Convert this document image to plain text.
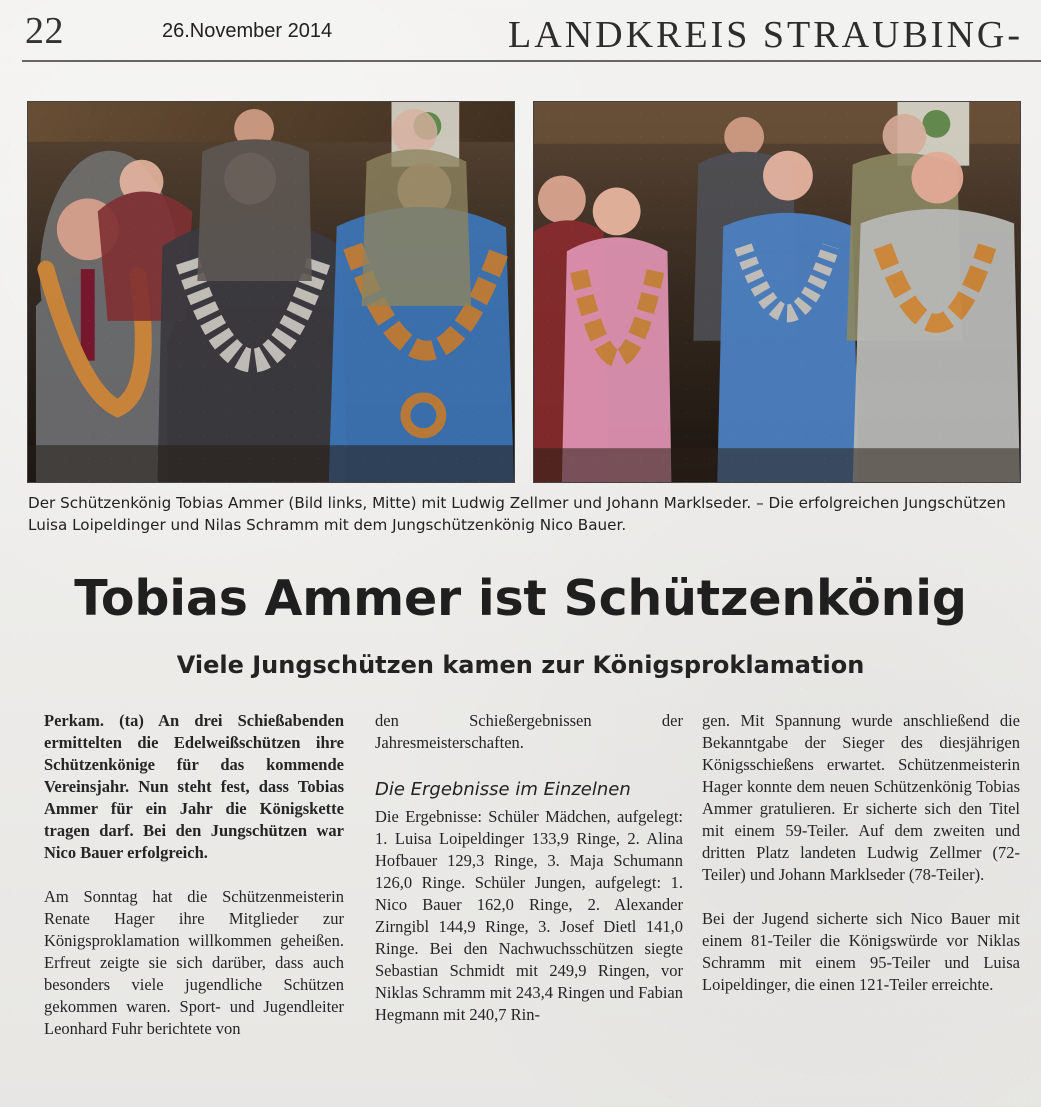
22	26.November 2014	LANDKREIS STRAUBING-
Der Schützenkönig Tobias Ammer (Bild links, Mitte) mit Ludwig Zellmer und Johann Marklseder. – Die erfolgreichen Jungschützen Luisa Loipeldinger und Nilas Schramm mit dem Jungschützenkönig Nico Bauer.
Tobias Ammer ist Schützenkönig
Viele Jungschützen kamen zur Königsproklamation

Perkam. (ta) An drei Schießabenden ermittelten die Edelweißschützen ihre Schützenkönige für das kommende Vereinsjahr. Nun steht fest, dass Tobias Ammer für ein Jahr die Königskette tragen darf. Bei den Jungschützen war Nico Bauer erfolgreich.

Am Sonntag hat die Schützenmeisterin Renate Hager ihre Mitglieder zur Königsproklamation willkommen geheißen. Erfreut zeigte sie sich darüber, dass auch besonders viele jugendliche Schützen gekommen waren. Sport- und Jugendleiter Leonhard Fuhr berichtete von

den Schießergebnissen der Jahresmeisterschaften.

Die Ergebnisse im Einzelnen

Die Ergebnisse: Schüler Mädchen, aufgelegt: 1. Luisa Loipeldinger 133,9 Ringe, 2. Alina Hofbauer 129,3 Ringe, 3. Maja Schumann 126,0 Ringe. Schüler Jungen, aufgelegt: 1. Nico Bauer 162,0 Ringe, 2. Alexander Zirngibl 144,9 Ringe, 3. Josef Dietl 141,0 Ringe. Bei den Nachwuchsschützen siegte Sebastian Schmidt mit 249,9 Ringen, vor Niklas Schramm mit 243,4 Ringen und Fabian Hegmann mit 240,7 Rin-

gen. Mit Spannung wurde anschließend die Bekanntgabe der Sieger des diesjährigen Königsschießens erwartet. Schützenmeisterin Hager konnte dem neuen Schützenkönig Tobias Ammer gratulieren. Er sicherte sich den Titel mit einem 59-Teiler. Auf dem zweiten und dritten Platz landeten Ludwig Zellmer (72-Teiler) und Johann Marklseder (78-Teiler).

Bei der Jugend sicherte sich Nico Bauer mit einem 81-Teiler die Königswürde vor Niklas Schramm mit einem 95-Teiler und Luisa Loipeldinger, die einen 121-Teiler erreichte.
